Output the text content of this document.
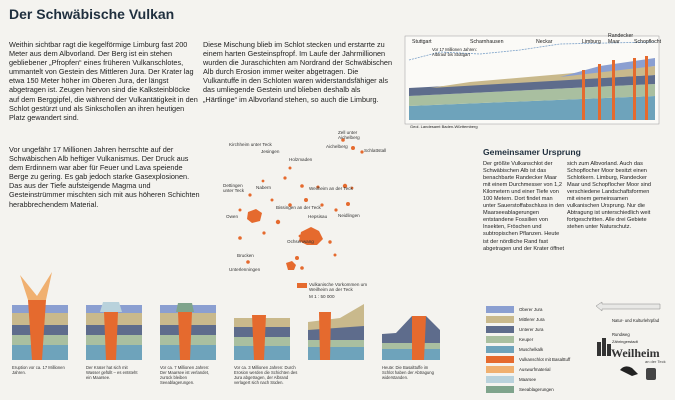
Der Schwäbische Vulkan
Weithin sichtbar ragt die kegelförmige Limburg fast 200 Meter aus dem Albvorland. Der Berg ist ein stehen gebliebener „Pfropfen“ eines früheren Vulkanschlotes, ummantelt von Gestein des Mittleren Jura. Der Krater lag etwa 150 Meter höher im Oberen Jura, der längst abgetragen ist. Zeugen hiervon sind die Kalksteinblöcke auf dem Berggipfel, die während der Vulkantätigkeit in den Schlot gestürzt und als Sinkschollen an ihren heutigen Platz gewandert sind.
Vor ungefähr 17 Millionen Jahren herrschte auf der Schwäbischen Alb heftiger Vulkanismus. Der Druck aus dem Erdinnern war aber für Feuer und Lava speiende Berge zu gering. Es gab jedoch starke Gasexplosionen. Das aus der Tiefe aufsteigende Magma und Gesteinstrümmer mischten sich mit aus höheren Schichten herabbrechendem Material.
Diese Mischung blieb im Schlot stecken und erstarrte zu einem harten Gesteinspfropf. Im Laufe der Jahrmillionen wurden die Juraschichten am Nordrand der Schwäbischen Alb durch Erosion immer weiter abgetragen. Die Vulkantuffe in den Schloten waren widerstandsfähiger als das umliegende Gestein und blieben deshalb als „Härtlinge“ im Albvorland stehen, so auch die Limburg.
Gemeinsamer Ursprung
Der größte Vulkanschlot der Schwäbischen Alb ist das benachbarte Randecker Maar mit einem Durchmesser von 1,2 Kilometern und einer Tiefe von 100 Metern. Dort findet man unter Sauerstoffabschluss in den Maarseeablagerungen entstandene Fossilien von Insekten, Fröschen und subtropischen Pflanzen. Heute ist der nördliche Rand fast abgetragen und der Krater öffnet
sich zum Albvorland. Auch das Schopflocher Moor besitzt einen Schlotkern. Limburg, Randecker Maar und Schopflocher Moor sind verschiedene Landschaftsformen mit einem gemeinsamen vulkanischen Ursprung. Nur die Abtragung ist unterschiedlich weit fortgeschritten. Alle drei Gebiete stehen unter Naturschutz.
Stuttgart	Scharnhausen	Neckar	Limburg
Randecker Maar	Schopflocht
Vor 17 Millionen Jahren: Albtrauf bis Stuttgart
Geol. Landesamt Baden-Württemberg
Kirchheim unter Teck
Jesingen
Holzmaden
Zell unter Aichelberg
Aichelberg
Schlattstall
Dettingen unter Teck
Nabern	Weilheim an der Teck
Bissingen an der Teck
Owen	Hepsisau Neidlingen
Ochsenwang
Brucken
Unterlenningen
Vulkanische Vorkommen um Weilheim an der Teck
M 1 : 50 000
Oberer Jura
Mittlerer Jura
Unterer Jura
Keuper
Muschelkalk
Vulkanschlot mit Basalttuff
Auswurfmaterial
Maarsee
Seeablagerungen
Eruption vor ca. 17 Millionen Jahren.
Der Krater hat sich mit Wasser gefüllt – es entsteht ein Maarsee.
Vor ca. 7 Millionen Jahren: Der Maarsee ist verlandet, zurück bleiben Seeablagerungen.
Vor ca. 3 Millionen Jahren: Durch Erosion werden die Schichten des Jura abgetragen, der Albrand verlagert sich nach Süden.
Heute: Die Basalttuffe im Schlot haben der Abtragung widerstanden.
Natur- und Kulturlehrpfad
Rundweg
Zähringerstadt
Weilheim
an der Teck
